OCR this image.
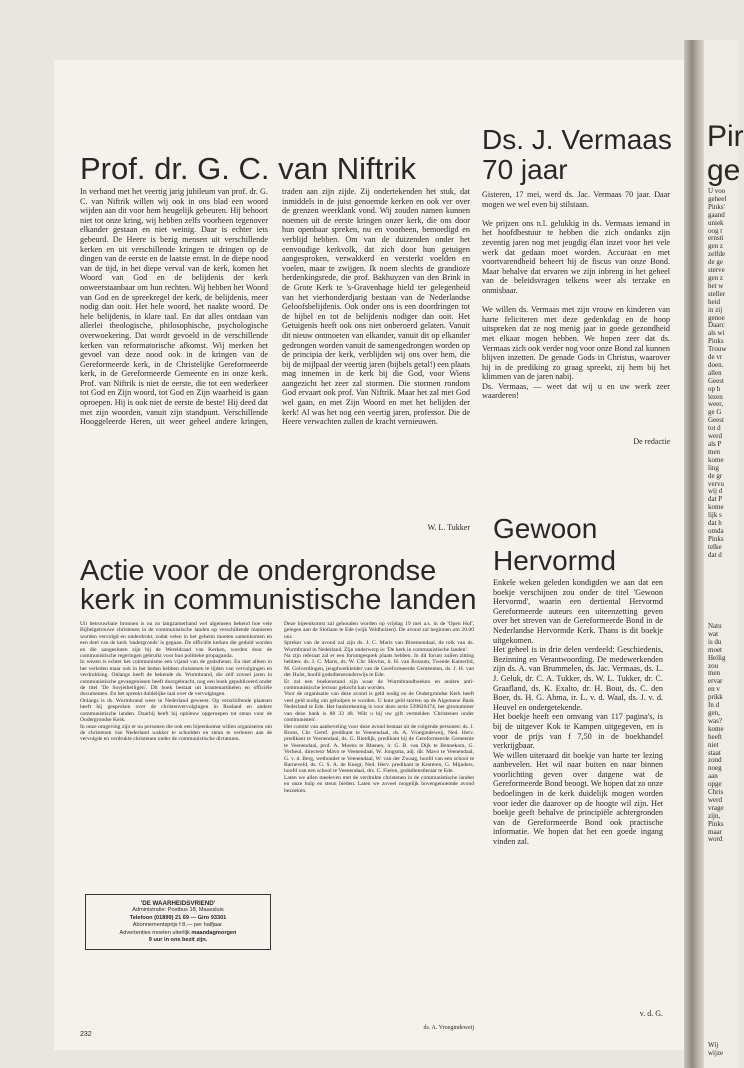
Prof. dr. G. C. van Niftrik
In verband met het veertig jarig jubileum van prof. dr. G. C. van Niftrik willen wij ook in ons blad een woord wijden aan dit voor hem heugelijk gebeuren. Hij behoort niet tot onze kring, wij hebben zelfs voorheen tegenover elkander gestaan en niet weinig. Daar is echter iets gebeurd. De Heere is bezig mensen uit verschillende kerken en uit verschillende kringen te dringen op de dingen van de eerste en de laatste ernst. In de diepe nood van de tijd, in het diepe verval van de kerk, komen het Woord van God en de belijdenis der kerk onweerstaanbaar om hun rechten. Wij hebben het Woord van God en de spreekregel der kerk, de belijdenis, meer nodig dan ooit. Het hele woord, het naakte woord. De hele belijdenis, in klare taal. En dat alles ontdaan van allerlei theologische, philosophische, psychologische overwoekering. Dat wordt gevoeld in de verschillende kerken van reformatorische afkomst. Wij merken het gevoel van deze nood ook in de kringen van de Gereformeerde kerk, in de Christelijke Gereformeerde kerk, in de Gereformeerde Gemeente en in onze kerk. Prof. van Niftrik is niet de eerste, die tot een wederkeer tot God en Zijn woord, tot God en Zijn waarheid is gaan oproepen. Hij is ook niet de eerste de beste! Hij deed dat met zijn woorden, vanuit zijn standpunt. Verschillende Hooggeleerde Heren, uit weer geheel andere kringen, traden aan zijn zijde. Zij ondertekenden het stuk, dat inmiddels in de juist genoemde kerken en ook ver over de grenzen weerklank vond. Wij zouden namen kunnen noemen uit de eerste kringen onzer kerk, die ons door hun openbaar spreken, nu en voorheen, bemoedigd en verblijd hebben. Om van de duizenden onder het eenvoudige kerkvolk, dat zich door hun getuigen aangesproken, verwakkerd en versterkt voelden en voelen, maar te zwijgen. Ik noem slechts de grandioze herdenkingsrede, die prof. Bakhuyzen van den Brink in de Grote Kerk te 's-Gravenhage hield ter gelegenheid van het vierhonderdjarig bestaan van de Nederlandse Geloofsbelijdenis. Ook onder ons is een doordringen tot de bijbel en tot de belijdenis nodiger dan ooit. Het Getuigenis heeft ook ons niet onberoerd gelaten. Vanuit dit nieuw ontmoeten van elkander, vanuit dit op elkander gedrongen worden vanuit de samengedrongen worden op de principia der kerk, verblijden wij ons over hem, die bij de mijlpaal der veertig jaren (bijbels getal!) een plaats mag innemen in de kerk bij die God, voor Wiens aangezicht het zeer zal stormen. Die stormen rondom God ervaart ook prof. Van Niftrik. Maar het zal met God wel gaan, en met Zijn Woord en met het belijden der kerk! Al was het nog een veertig jaren, professor. Die de Heere verwachten zullen de kracht vernieuwen.
W. L. Tukker
Ds. J. Vermaas 70 jaar
Gisteren, 17 mei, werd ds. Jac. Vermaas 70 jaar. Daar mogen we wel even bij stilstaan.

We prijzen ons n.l. gelukkig in ds. Vermaas iemand in het hoofdbestuur te hebben die zich ondanks zijn zeventig jaren nog met jeugdig élan inzet voor het vele werk dat gedaan moet worden. Accuraat en met voortvarendheid beheert hij de fiscus van onze Bond. Maar behalve dat ervaren we zijn inbreng in het geheel van de beleidsvragen telkens weer als terzake en onmisbaar.

We willen ds. Vermaas met zijn vrouw en kinderen van harte feliciteren met deze gedenkdag en de hoop uitspreken dat ze nog menig jaar in goede gezondheid met elkaar mogen hebben. We hopen zeer dat ds. Vermaas zich ook verder nog voor onze Bond zal kunnen blijven inzetten. De genade Gods in Christus, waarover hij in de prediking zo graag spreekt, zij hem bij het klimmen van de jaren nabij.
Ds. Vermaas, — weet dat wij u en uw werk zeer waarderen!
De redactie
Actie voor de ondergrondse kerk in communistische landen
Uit betrouwbare bronnen is nu zo langzamerhand wel algemeen bekend hoe vele Bijbelgetrouwe christenen in de communistische landen op verschillende manieren worden vervolgd en onderdrukt, zodat velen in het geheim moeten samenkomen en een deel van de kerk 'ondergronds' is gegaan. De officiële kerken die geduld worden en die aangesloten zijn bij de Wereldraad van Kerken, worden door de communistische regeringen gebruikt voor hun politieke propaganda.
In wezen is echter het communisme een vijand van de godsdienst. En niet alleen in het verleden maar ook in het heden hebben christenen te lijden van vervolgingen en verdrukking. Onlangs heeft de bekende ds. Wurmbrand, die zelf zoveel jaren in communistische gevangenissen heeft doorgebracht, nog een boek gepubliceerd onder de titel 'De Sovjetheiligen'. Dit boek bestaat uit krantenartikelen en officiële documenten. En het spreekt duidelijke taal over de vervolgingen.
Onlangs is ds. Wurmbrand weer in Nederland geweest. Op verschillende plaatsen heeft hij gesproken over de christenvervolgingen in Rusland en andere communistische landen. Daarbij heeft hij opnieuw opgeroepen tot steun voor de Ondergrondse Kerk.
In onze omgeving zijn er nu personen die ook een bijeenkomst willen organiseren om de christenen van Nederland wakker te schudden en steun te verlenen aan de vervolgde en verdrukte christenen onder de communistische dictaturen.
Deze bijeenkomst zal gehouden worden op vrijdag 19 mei a.s. in de 'Open Hof', gelegen aan de Slotlaan te Ede (wijk Veldhuizen). De avond zal beginnen om 20.00 uur.
Spreker van de avond zal zijn ds. J. C. Maris van Bloemendaal, de tolk van ds. Wurmbrand in Nederland. Zijn onderwerp is: 'De kerk in communistische landen'.
Na zijn referaat zal er een forumgesprek plaats hebben. In dit forum zullen zitting hebben: ds. J. C. Maris, ds. W. Chr. Hovius, ir. H. van Rossum, Tweede Kamerlid, M. Golverdingen, jeugdwerkleider van de Gereformeerde Gemeenten, ds. J. H. van der Hulst, hoofd godsdienstonderwijs te Ede.
Er zal een boekenstand zijn waar de Wurmbrandboeken en andere anti-communistische lectuur gekocht kan worden.
Voor de organisatie van deze avond is geld nodig en de Ondergrondse Kerk heeft veel geld nodig om geholpen te worden. U kunt geld storten op de Algemene Bank Nederland te Ede. Het bankrekening is voor deze actie 539820474, het gironummer van deze bank is 88 33 48. Wilt u bij uw gift vermelden 'Christenen onder communisten'.
Het comité van aanbeveling voor deze avond bestaat uit de volgende personen: ds. J. Brons, Chr. Geref. predikant te Veenendaal, ds. A. Vroegindeweij, Ned. Herv. predikant te Veenendaal, ds. G. Rietdijk, predikant bij de Gereformeerde Gemeente te Veenendaal, prof. A. Moens te Rhenen, ir. G. B. van Dijk te Bennekom, G. Verheul, directeur Mavo te Veenendaal, W. Jongsma, adj. dir. Mavo te Veenendaal, G. v. d. Berg, wethouder te Veenendaal, W. van der Zwaag, hoofd van een school te Barneveld, ds. G. S. A. de Knegt, Ned. Herv. predikant te Kesteren, G. Mijnders, hoofd van een school te Veenendaal, drs. C. Fieren, godsdienstleraar te Ede.
Laten we allen meeleven met de verdrukte christenen in de communistische landen en onze hulp en steun bieden. Laten we zoveel mogelijk bovengenoemde avond bezoeken.
ds. A. Vroegindeweij
'DE WAARHEIDSVRIEND'
Administratie: Postbus 18, Maassluis
Telefoon (01899) 21 69 — Giro 93301
Abonnementsprijs f 8,— per halfjaar.
Advertenties moeten uiterlijk maandagmorgen
9 uur in ons bezit zijn.
Gewoon Hervormd
Enkele weken geleden kondigden we aan dat een boekje verschijnen zou onder de titel 'Gewoon Hervormd', waarin een dertiental Hervormd Gereformeerde auteurs een uiteenzetting geven over het streven van de Gereformeerde Bond in de Nederlandse Hervormde Kerk. Thans is dit boekje uitgekomen.
Het geheel is in drie delen verdeeld: Geschiedenis, Bezinning en Verantwoording. De medewerkenden zijn ds. A. van Brummelen, ds. Jac. Vermaas, ds. L. J. Geluk, dr. C. A. Tukker, ds. W. L. Tukker, dr. C. Graafland, ds. K. Exalto, dr. H. Bout, ds. C. den Boer, ds. H. G. Abma, ir. L. v. d. Waal, ds. J. v. d. Heuvel en ondergetekende.
Het boekje heeft een omvang van 117 pagina's, is bij de uitgever Kok te Kampen uitgegeven, en is voor de prijs van f 7,50 in de boekhandel verkrijgbaar.
We willen uiteraard dit boekje van harte ter lezing aanbevelen. Het wil naar buiten en naar binnen voorlichting geven over datgene wat de Gereformeerde Bond beoogt. We hopen dat zo onze bedoelingen in de kerk duidelijk mogen worden voor ieder die daarover op de hoogte wil zijn. Het boekje geeft behalve de principiële achtergronden van de Gereformeerde Bond ook practische informatie. We hopen dat het een goede ingang vinden zal.
v. d. G.
232
Pir
ge
U voo
geheel
Pinks'
gaand
uniek
oog t
ernsti
gen z
zelfde
de ge
sterve
gen z
het w
steller
heid
in zij
genoe
Daarc
als wi
Pinks
Trouw
de vr
doen.
allen
Geest
op h
lezen
weer,
ge G
Geest
tot d
werd
als P
men
kome
ling
de gr
vervu
wij d
dat P
kome
lijk s
dat h
omda
Pinks
telke
dat d
Natu
wat
is du
moet
Heilig
zou
men
ervar
en v
prikk
In d
gen,
was?
kome
heeft
niet
staat
zond
noeg
aan
opge
Chris
werd
vrage
zijn,
Pinks
maar
word
Wij
wijze
